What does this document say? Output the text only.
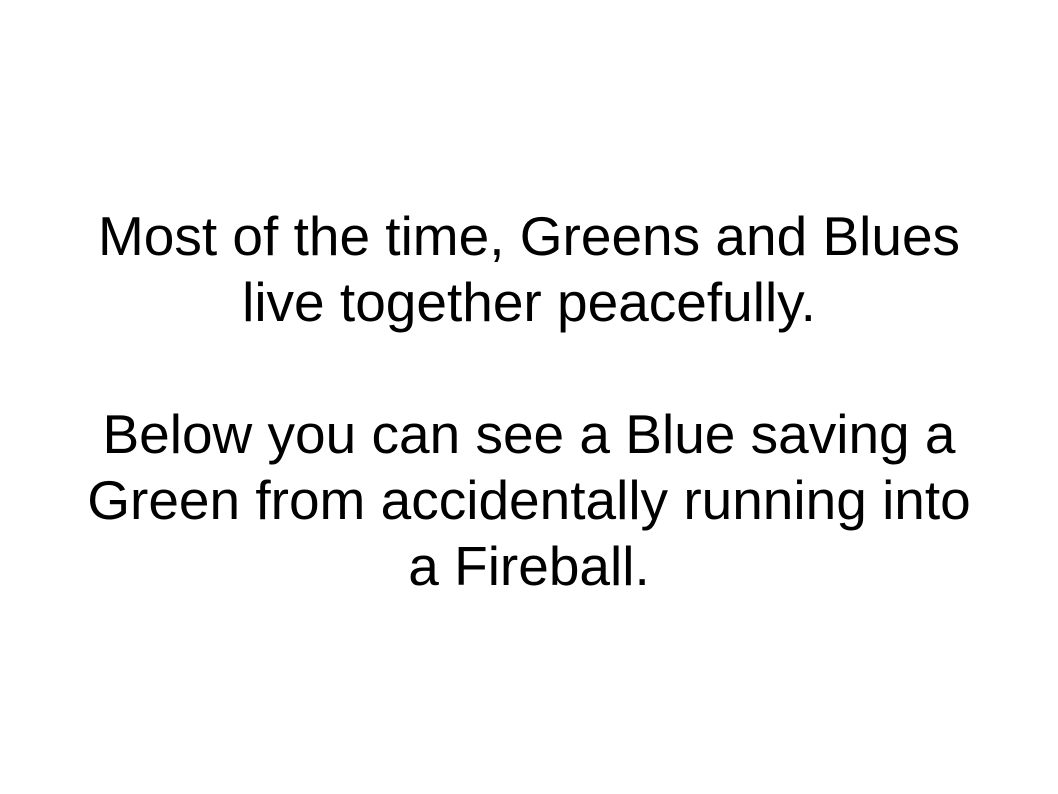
Most of the time, Greens and Blues
live together peacefully.
Below you can see a Blue saving a
Green from accidentally running into
a Fireball.
